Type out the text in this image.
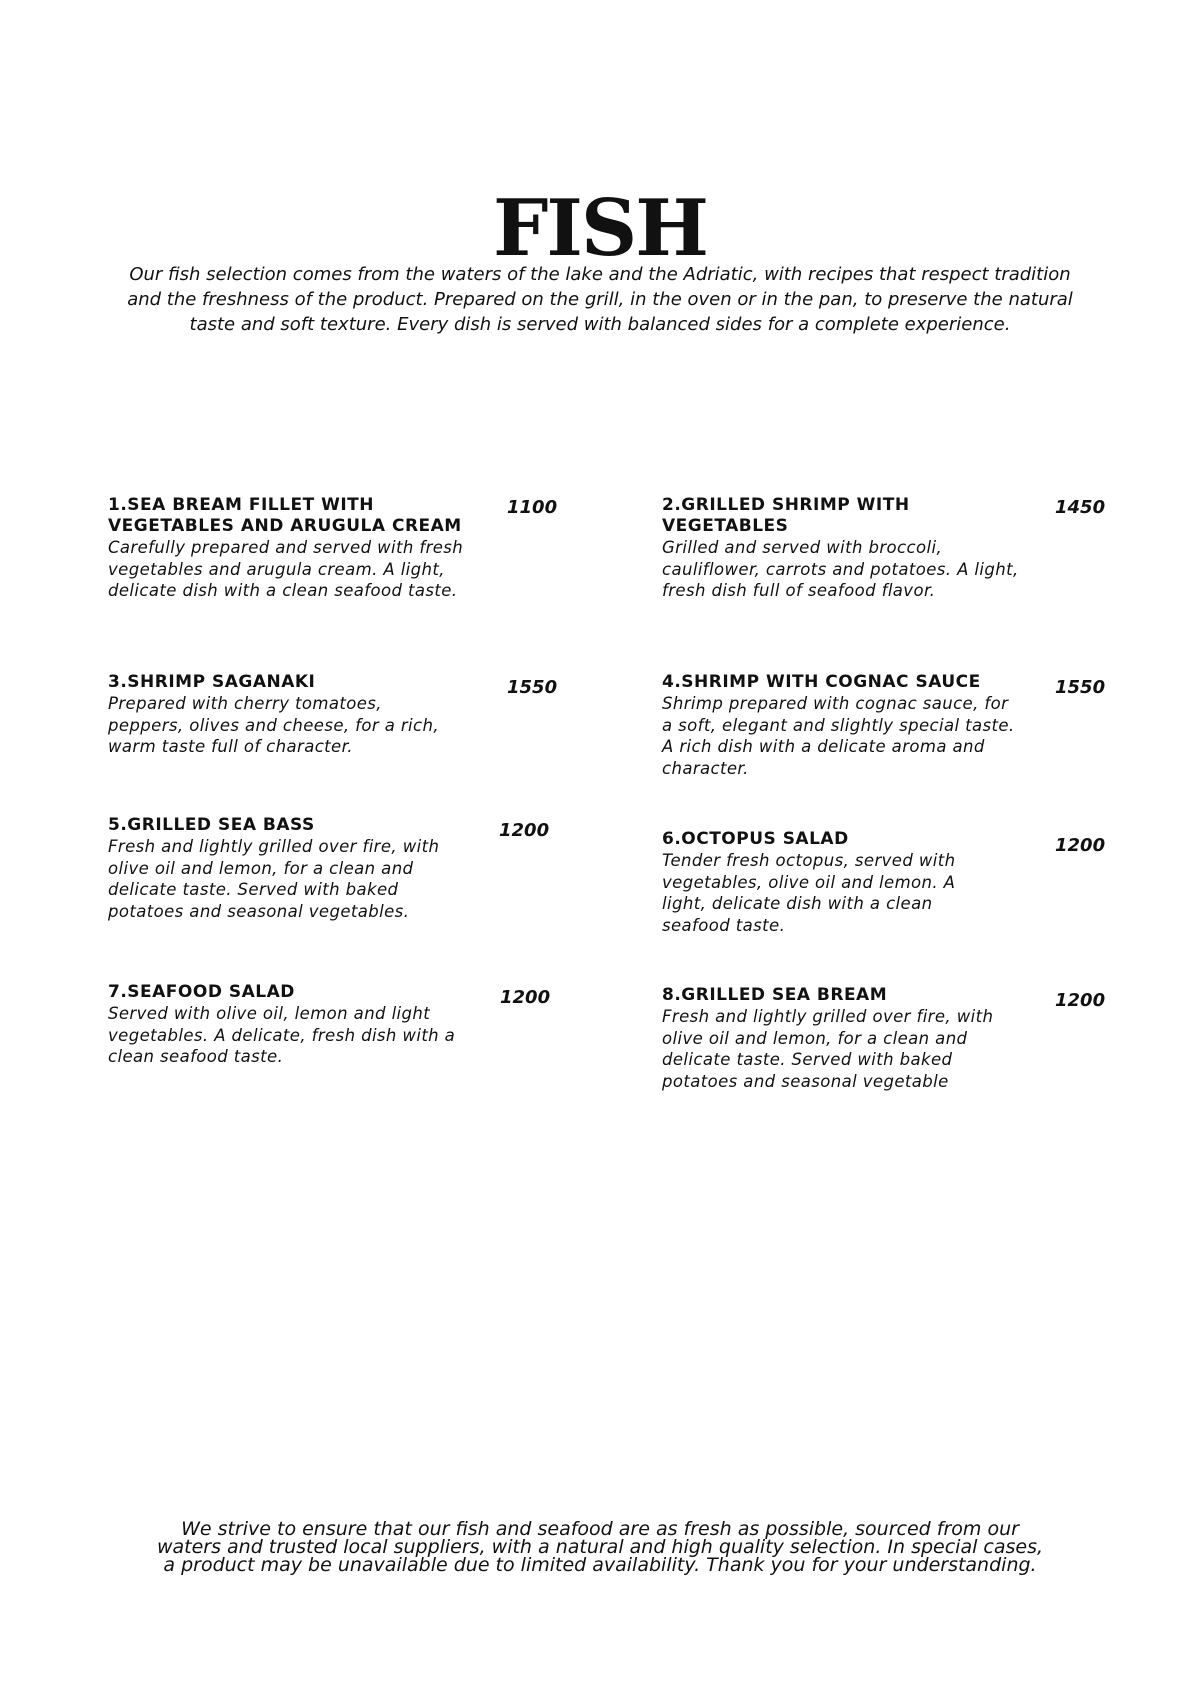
FISH

Our fish selection comes from the waters of the lake and the Adriatic, with recipes that respect tradition and the freshness of the product. Prepared on the grill, in the oven or in the pan, to preserve the natural taste and soft texture. Every dish is served with balanced sides for a complete experience.

1.SEA BREAM FILLET WITH VEGETABLES AND ARUGULA CREAM

Carefully prepared and served with fresh vegetables and arugula cream. A light, delicate dish with a clean seafood taste.

1100

3.SHRIMP SAGANAKI

Prepared with cherry tomatoes, peppers, olives and cheese, for a rich, warm taste full of character.

1550

5.GRILLED SEA BASS

Fresh and lightly grilled over fire, with olive oil and lemon, for a clean and delicate taste. Served with baked potatoes and seasonal vegetables.

1200

7.SEAFOOD SALAD

Served with olive oil, lemon and light vegetables. A delicate, fresh dish with a clean seafood taste.

1200

2.GRILLED SHRIMP WITH VEGETABLES

Grilled and served with broccoli, cauliflower, carrots and potatoes. A light, fresh dish full of seafood flavor.

1450

4.SHRIMP WITH COGNAC SAUCE

Shrimp prepared with cognac sauce, for a soft, elegant and slightly special taste. A rich dish with a delicate aroma and character.

1550

6.OCTOPUS SALAD

Tender fresh octopus, served with vegetables, olive oil and lemon. A light, delicate dish with a clean seafood taste.

1200

8.GRILLED SEA BREAM

Fresh and lightly grilled over fire, with olive oil and lemon, for a clean and delicate taste. Served with baked potatoes and seasonal vegetable

1200

We strive to ensure that our fish and seafood are as fresh as possible, sourced from our waters and trusted local suppliers, with a natural and high quality selection. In special cases, a product may be unavailable due to limited availability. Thank you for your understanding.
